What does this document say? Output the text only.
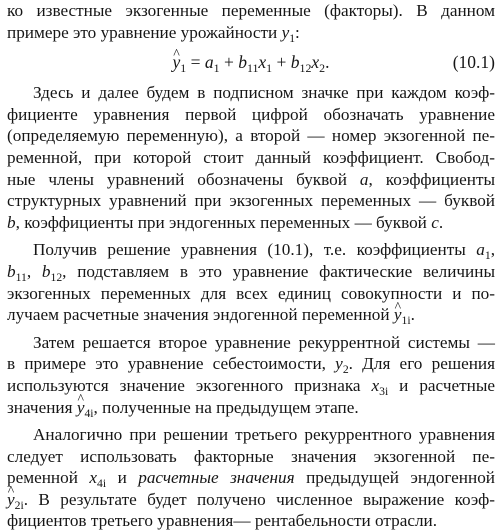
ко известные экзогенные переменные (факторы). В данном
примере это уравнение урожайности $y_1$:
^ $y_1 = a_1 + b_{11}x_1 + b_{12}x_2$.	(10.1)
Здесь и далее будем в подписном значке при каждом коэф-
фициенте уравнения первой цифрой обозначать уравнение
(определяемую переменную), а второй — номер экзогенной пе-
ременной, при которой стоит данный коэффициент. Свобод-
ные члены уравнений обозначены буквой a, коэффициенты
структурных уравнений при экзогенных переменных — буквой
b, коэффициенты при эндогенных переменных — буквой c.
Получив решение уравнения (10.1), т.е. коэффициенты $a_1$,
$b_{11}$, $b_{12}$, подставляем в это уравнение фактические величины
экзогенных переменных для всех единиц совокупности и по-
лучаем расчетные значения эндогенной переменной ^ $y_{1i}$.
Затем решается второе уравнение рекуррентной системы —
в примере это уравнение себестоимости, $y_2$. Для его решения
используются значение экзогенного признака $x_{3i}$ и расчетные
значения ^ $y_{4i}$, полученные на предыдущем этапе.
Аналогично при решении третьего рекуррентного уравнения
следует использовать факторные значения экзогенной пе-
ременной $x_{4i}$ и расчетные значения предыдущей эндогенной
^ $y_{2i}$. В результате будет получено численное выражение коэф-
фициентов третьего уравнения— рентабельности отрасли.
